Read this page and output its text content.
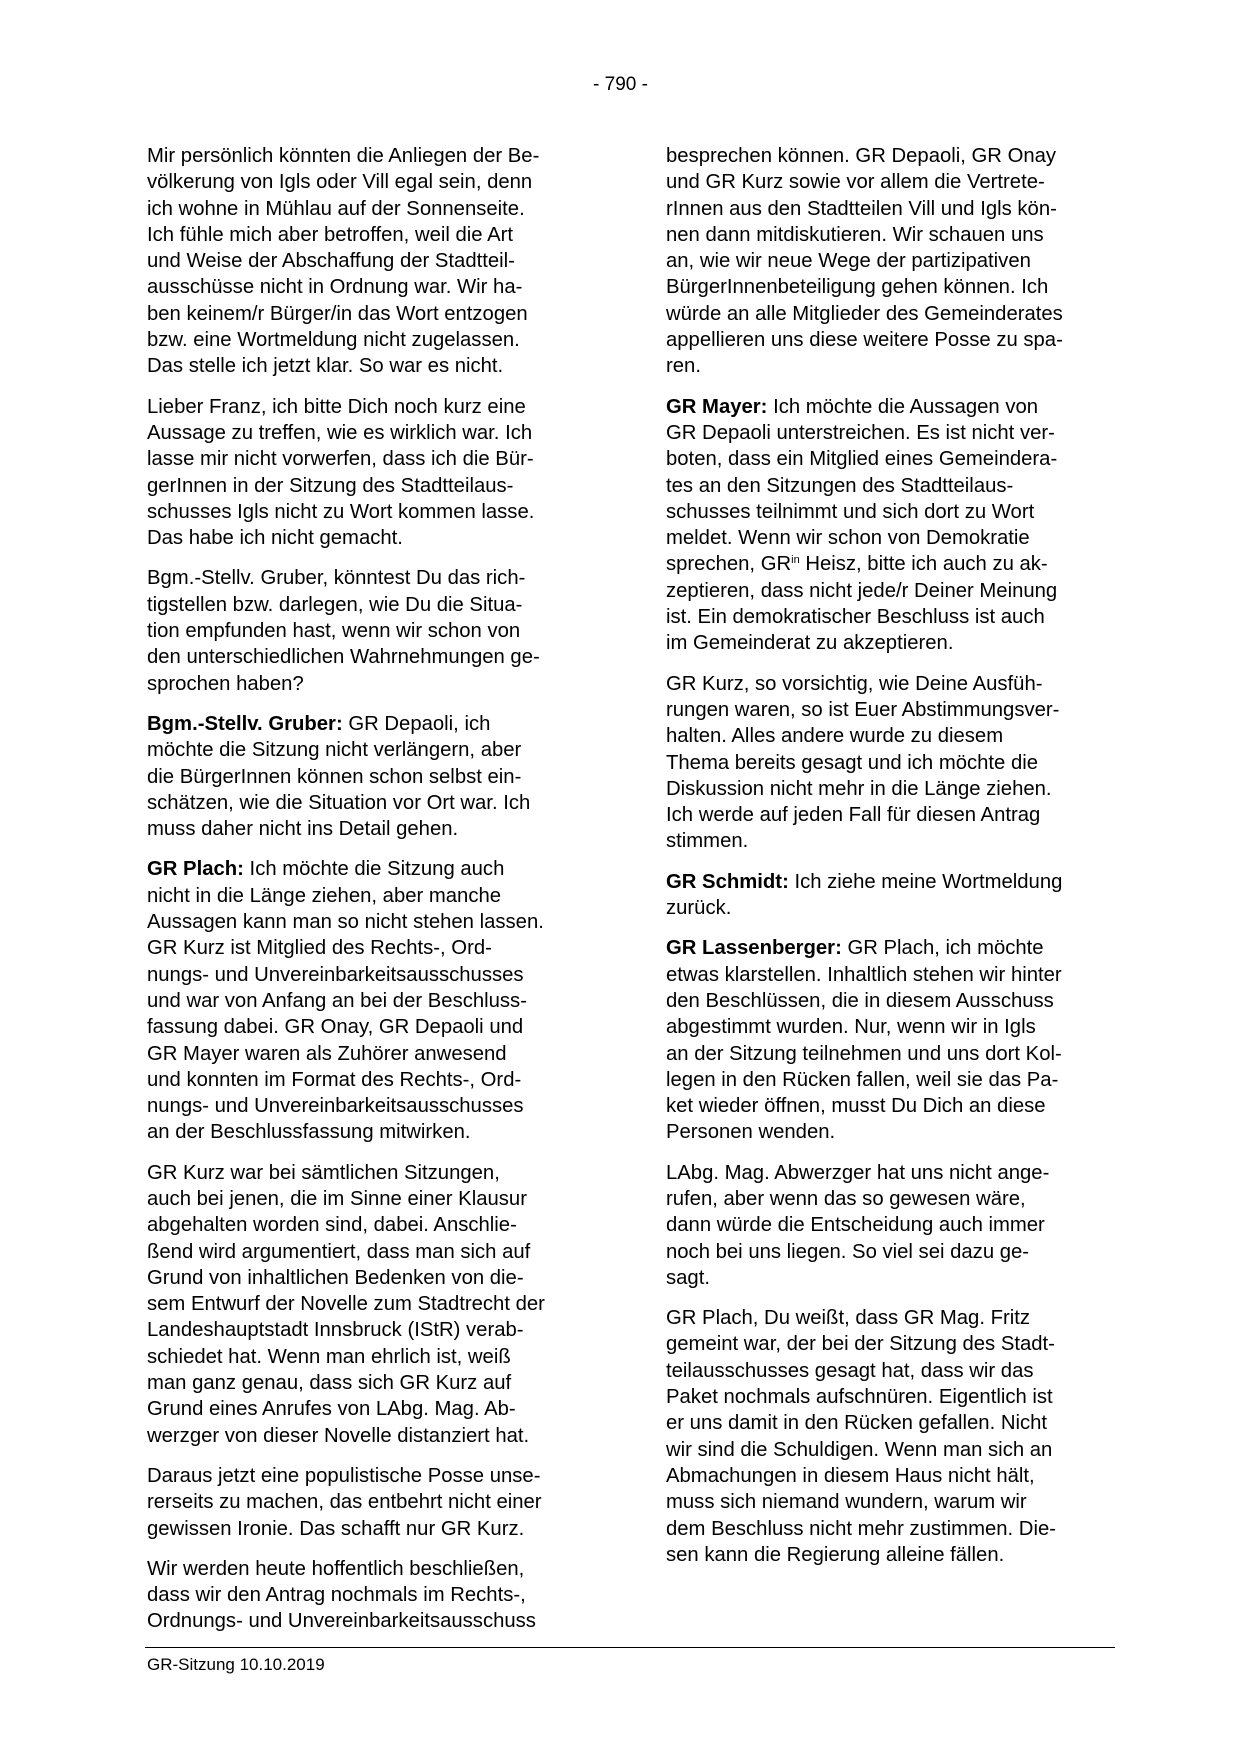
- 790 -

Mir persönlich könnten die Anliegen der Be-
völkerung von Igls oder Vill egal sein, denn
ich wohne in Mühlau auf der Sonnenseite.
Ich fühle mich aber betroffen, weil die Art
und Weise der Abschaffung der Stadtteil-
ausschüsse nicht in Ordnung war. Wir ha-
ben keinem/r Bürger/in das Wort entzogen
bzw. eine Wortmeldung nicht zugelassen.
Das stelle ich jetzt klar. So war es nicht.

Lieber Franz, ich bitte Dich noch kurz eine
Aussage zu treffen, wie es wirklich war. Ich
lasse mir nicht vorwerfen, dass ich die Bür-
gerInnen in der Sitzung des Stadtteilaus-
schusses Igls nicht zu Wort kommen lasse.
Das habe ich nicht gemacht.

Bgm.-Stellv. Gruber, könntest Du das rich-
tigstellen bzw. darlegen, wie Du die Situa-
tion empfunden hast, wenn wir schon von
den unterschiedlichen Wahrnehmungen ge-
sprochen haben?

Bgm.-Stellv. Gruber: GR Depaoli, ich
möchte die Sitzung nicht verlängern, aber
die BürgerInnen können schon selbst ein-
schätzen, wie die Situation vor Ort war. Ich
muss daher nicht ins Detail gehen.

GR Plach: Ich möchte die Sitzung auch
nicht in die Länge ziehen, aber manche
Aussagen kann man so nicht stehen lassen.
GR Kurz ist Mitglied des Rechts-, Ord-
nungs- und Unvereinbarkeitsausschusses
und war von Anfang an bei der Beschluss-
fassung dabei. GR Onay, GR Depaoli und
GR Mayer waren als Zuhörer anwesend
und konnten im Format des Rechts-, Ord-
nungs- und Unvereinbarkeitsausschusses
an der Beschlussfassung mitwirken.

GR Kurz war bei sämtlichen Sitzungen,
auch bei jenen, die im Sinne einer Klausur
abgehalten worden sind, dabei. Anschlie-
ßend wird argumentiert, dass man sich auf
Grund von inhaltlichen Bedenken von die-
sem Entwurf der Novelle zum Stadtrecht der
Landeshauptstadt Innsbruck (IStR) verab-
schiedet hat. Wenn man ehrlich ist, weiß
man ganz genau, dass sich GR Kurz auf
Grund eines Anrufes von LAbg. Mag. Ab-
werzger von dieser Novelle distanziert hat.

Daraus jetzt eine populistische Posse unse-
rerseits zu machen, das entbehrt nicht einer
gewissen Ironie. Das schafft nur GR Kurz.

Wir werden heute hoffentlich beschließen,
dass wir den Antrag nochmals im Rechts-,
Ordnungs- und Unvereinbarkeitsausschuss

besprechen können. GR Depaoli, GR Onay
und GR Kurz sowie vor allem die Vertrete-
rInnen aus den Stadtteilen Vill und Igls kön-
nen dann mitdiskutieren. Wir schauen uns
an, wie wir neue Wege der partizipativen
BürgerInnenbeteiligung gehen können. Ich
würde an alle Mitglieder des Gemeinderates
appellieren uns diese weitere Posse zu spa-
ren.

GR Mayer: Ich möchte die Aussagen von
GR Depaoli unterstreichen. Es ist nicht ver-
boten, dass ein Mitglied eines Gemeindera-
tes an den Sitzungen des Stadtteilaus-
schusses teilnimmt und sich dort zu Wort
meldet. Wenn wir schon von Demokratie
sprechen, $GR^{in}$ Heisz, bitte ich auch zu ak-
zeptieren, dass nicht jede/r Deiner Meinung
ist. Ein demokratischer Beschluss ist auch
im Gemeinderat zu akzeptieren.

GR Kurz, so vorsichtig, wie Deine Ausfüh-
rungen waren, so ist Euer Abstimmungsver-
halten. Alles andere wurde zu diesem
Thema bereits gesagt und ich möchte die
Diskussion nicht mehr in die Länge ziehen.
Ich werde auf jeden Fall für diesen Antrag
stimmen.

GR Schmidt: Ich ziehe meine Wortmeldung
zurück.

GR Lassenberger: GR Plach, ich möchte
etwas klarstellen. Inhaltlich stehen wir hinter
den Beschlüssen, die in diesem Ausschuss
abgestimmt wurden. Nur, wenn wir in Igls
an der Sitzung teilnehmen und uns dort Kol-
legen in den Rücken fallen, weil sie das Pa-
ket wieder öffnen, musst Du Dich an diese
Personen wenden.

LAbg. Mag. Abwerzger hat uns nicht ange-
rufen, aber wenn das so gewesen wäre,
dann würde die Entscheidung auch immer
noch bei uns liegen. So viel sei dazu ge-
sagt.

GR Plach, Du weißt, dass GR Mag. Fritz
gemeint war, der bei der Sitzung des Stadt-
teilausschusses gesagt hat, dass wir das
Paket nochmals aufschnüren. Eigentlich ist
er uns damit in den Rücken gefallen. Nicht
wir sind die Schuldigen. Wenn man sich an
Abmachungen in diesem Haus nicht hält,
muss sich niemand wundern, warum wir
dem Beschluss nicht mehr zustimmen. Die-
sen kann die Regierung alleine fällen.

GR-Sitzung 10.10.2019
